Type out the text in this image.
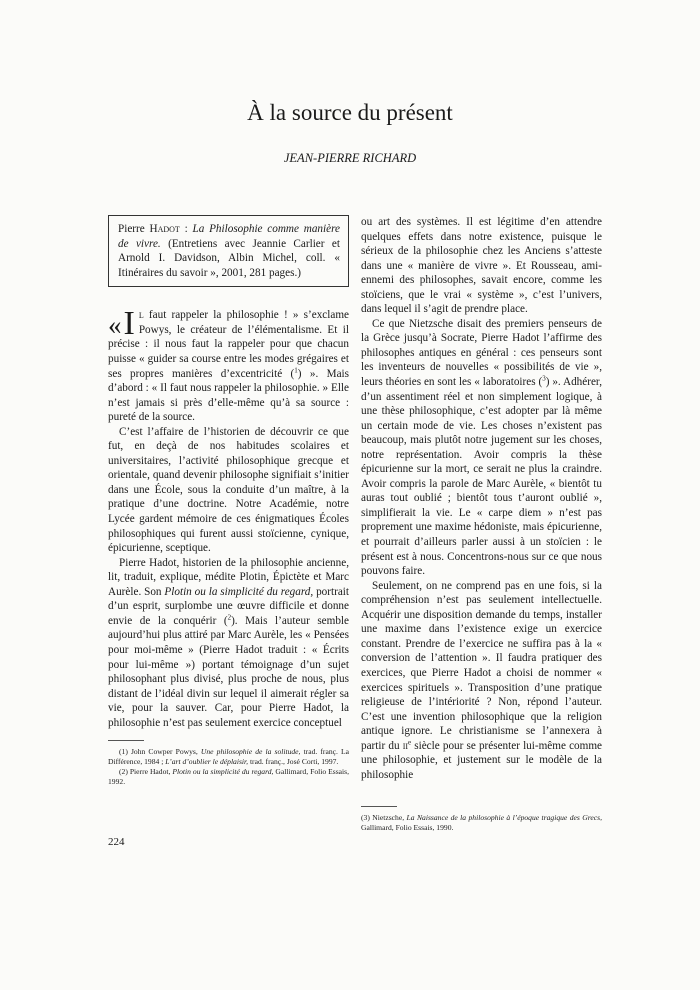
À la source du présent
JEAN-PIERRE RICHARD
Pierre Hadot : La Philosophie comme manière de vivre. (Entretiens avec Jeannie Carlier et Arnold I. Davidson, Albin Michel, coll. « Itinéraires du savoir », 2001, 281 pages.)

« I l faut rappeler la philosophie ! » s’exclame Powys, le créateur de l’élémentalisme. Et il précise : il nous faut la rappeler pour que chacun puisse « guider sa course entre les modes grégaires et ses propres manières d’excentricité ($^1$) ». Mais d’abord : « Il faut nous rappeler la philosophie. » Elle n’est jamais si près d’elle-même qu’à sa source : pureté de la source.

C’est l’affaire de l’historien de découvrir ce que fut, en deçà de nos habitudes scolaires et universitaires, l’activité philosophique grecque et orientale, quand devenir philosophe signifiait s’initier dans une École, sous la conduite d’un maître, à la pratique d’une doctrine. Notre Académie, notre Lycée gardent mémoire de ces énigmatiques Écoles philosophiques qui furent aussi stoïcienne, cynique, épicurienne, sceptique.

Pierre Hadot, historien de la philosophie ancienne, lit, traduit, explique, médite Plotin, Épictète et Marc Aurèle. Son Plotin ou la simplicité du regard, portrait d’un esprit, surplombe une œuvre difficile et donne envie de la conquérir ($^2$). Mais l’auteur semble aujourd’hui plus attiré par Marc Aurèle, les « Pensées pour moi-même » (Pierre Hadot traduit : « Écrits pour lui-même ») portant témoignage d’un sujet philosophant plus divisé, plus proche de nous, plus distant de l’idéal divin sur lequel il aimerait régler sa vie, pour la sauver. Car, pour Pierre Hadot, la philosophie n’est pas seulement exercice conceptuel

(1) John Cowper Powys, Une philosophie de la solitude, trad. franç. La Différence, 1984 ; L’art d’oublier le déplaisir, trad. franç., José Corti, 1997.

(2) Pierre Hadot, Plotin ou la simplicité du regard, Gallimard, Folio Essais, 1992.

ou art des systèmes. Il est légitime d’en attendre quelques effets dans notre existence, puisque le sérieux de la philosophie chez les Anciens s’atteste dans une « manière de vivre ». Et Rousseau, ami-ennemi des philosophes, savait encore, comme les stoïciens, que le vrai « système », c’est l’univers, dans lequel il s’agit de prendre place.

Ce que Nietzsche disait des premiers penseurs de la Grèce jusqu’à Socrate, Pierre Hadot l’affirme des philosophes antiques en général : ces penseurs sont les inventeurs de nouvelles « possibilités de vie », leurs théories en sont les « laboratoires ($^3$) ». Adhérer, d’un assentiment réel et non simplement logique, à une thèse philosophique, c’est adopter par là même un certain mode de vie. Les choses n’existent pas beaucoup, mais plutôt notre jugement sur les choses, notre représentation. Avoir compris la thèse épicurienne sur la mort, ce serait ne plus la craindre. Avoir compris la parole de Marc Aurèle, « bientôt tu auras tout oublié ; bientôt tous t’auront oublié », simplifierait la vie. Le « carpe diem » n’est pas proprement une maxime hédoniste, mais épicurienne, et pourrait d’ailleurs parler aussi à un stoïcien : le présent est à nous. Concentrons-nous sur ce que nous pouvons faire.

Seulement, on ne comprend pas en une fois, si la compréhension n’est pas seulement intellectuelle. Acquérir une disposition demande du temps, installer une maxime dans l’existence exige un exercice constant. Prendre de l’exercice ne suffira pas à la « conversion de l’attention ». Il faudra pratiquer des exercices, que Pierre Hadot a choisi de nommer « exercices spirituels ». Transposition d’une pratique religieuse de l’intériorité ? Non, répond l’auteur. C’est une invention philosophique que la religion antique ignore. Le christianisme se l’annexera à partir du $ii^e$ siècle pour se présenter lui-même comme une philosophie, et justement sur le modèle de la philosophie

(3) Nietzsche, La Naissance de la philosophie à l’époque tragique des Grecs, Gallimard, Folio Essais, 1990.

224
